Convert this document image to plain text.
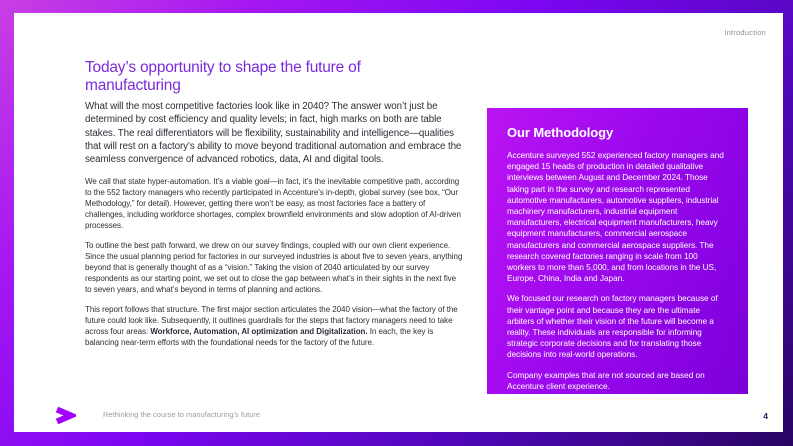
Introduction
Today’s opportunity to shape the future of manufacturing

What will the most competitive factories look like in 2040? The answer won’t just be determined by cost efficiency and quality levels; in fact, high marks on both are table stakes. The real differentiators will be flexibility, sustainability and intelligence—qualities that will rest on a factory’s ability to move beyond traditional automation and embrace the seamless convergence of advanced robotics, data, AI and digital tools.

We call that state hyper-automation. It’s a viable goal—in fact, it’s the inevitable competitive path, according to the 552 factory managers who recently participated in Accenture’s in-depth, global survey (see box, “Our Methodology,” for detail). However, getting there won’t be easy, as most factories face a battery of challenges, including workforce shortages, complex brownfield environments and slow adoption of AI-driven processes.

To outline the best path forward, we drew on our survey findings, coupled with our own client experience. Since the usual planning period for factories in our surveyed industries is about five to seven years, anything beyond that is generally thought of as a “vision.” Taking the vision of 2040 articulated by our survey respondents as our starting point, we set out to close the gap between what’s in their sights in the next five to seven years, and what’s beyond in terms of planning and actions.

This report follows that structure. The first major section articulates the 2040 vision—what the factory of the future could look like. Subsequently, it outlines guardrails for the steps that factory managers need to take across four areas: Workforce, Automation, AI optimization and Digitalization. In each, the key is balancing near-term efforts with the foundational needs for the factory of the future.

Our Methodology

Accenture surveyed 552 experienced factory managers and engaged 15 heads of production in detailed qualitative interviews between August and December 2024. Those taking part in the survey and research represented automotive manufacturers, automotive suppliers, industrial machinery manufacturers, industrial equipment manufacturers, electrical equipment manufacturers, heavy equipment manufacturers, commercial aerospace manufacturers and commercial aerospace suppliers. The research covered factories ranging in scale from 100 workers to more than 5,000, and from locations in the US, Europe, China, India and Japan.

We focused our research on factory managers because of their vantage point and because they are the ultimate arbiters of whether their vision of the future will become a reality. These individuals are responsible for informing strategic corporate decisions and for translating those decisions into real-world operations.

Company examples that are not sourced are based on Accenture client experience.

Rethinking the course to manufacturing’s future	4
